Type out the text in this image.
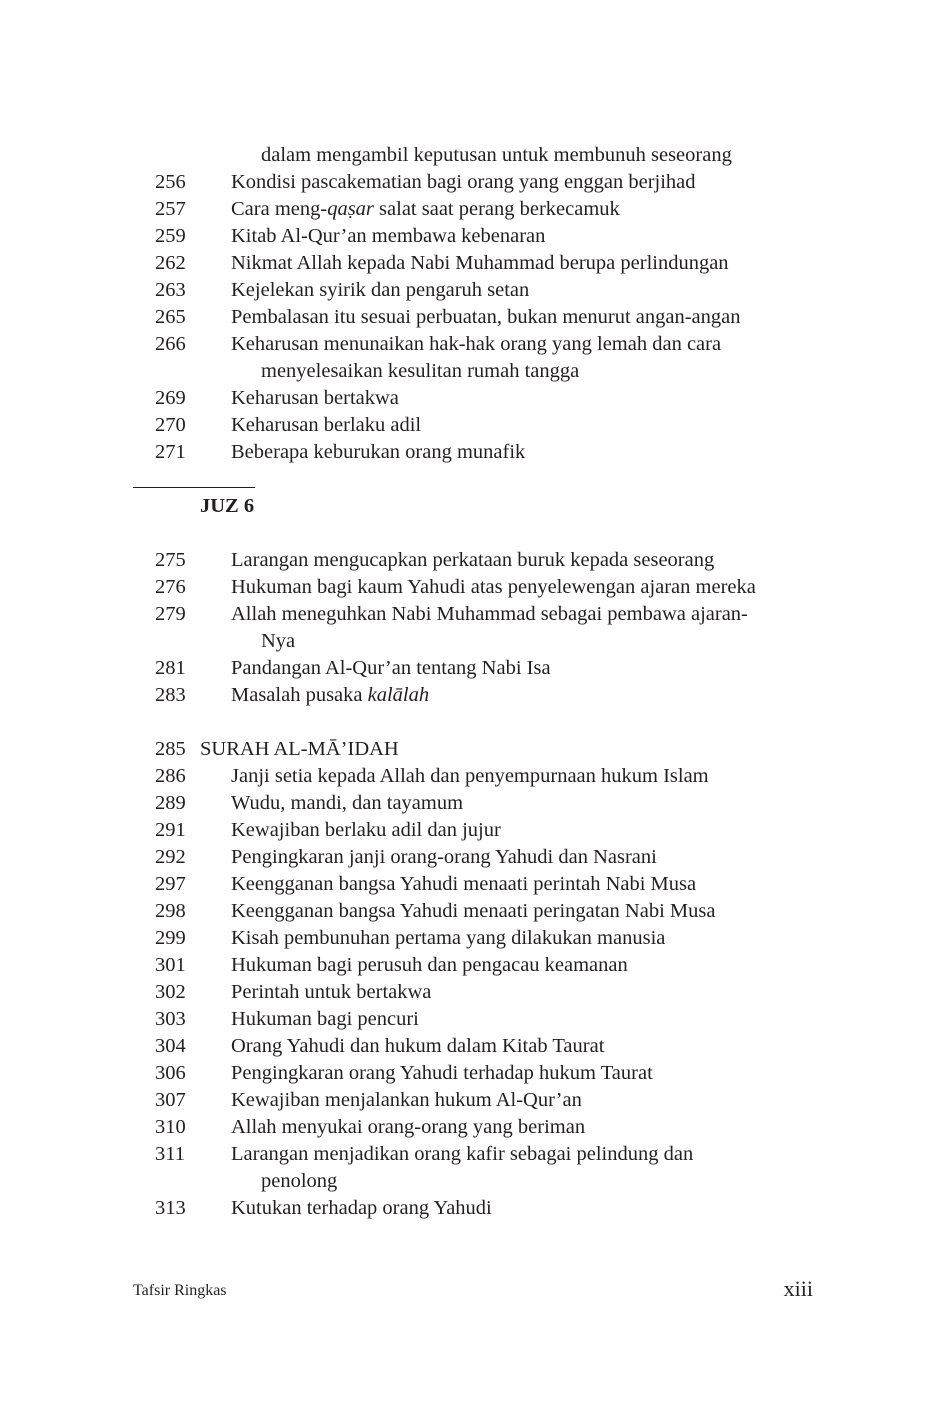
dalam mengambil keputusan untuk membunuh seseorang
256	Kondisi pascakematian bagi orang yang enggan berjihad
257	Cara meng-qaṣar salat saat perang berkecamuk
259	Kitab Al-Qur’an membawa kebenaran
262	Nikmat Allah kepada Nabi Muhammad berupa perlindungan
263	Kejelekan syirik dan pengaruh setan
265	Pembalasan itu sesuai perbuatan, bukan menurut angan-angan
266	Keharusan menunaikan hak-hak orang yang lemah dan cara
menyelesaikan kesulitan rumah tangga
269	Keharusan bertakwa
270	Keharusan berlaku adil
271	Beberapa keburukan orang munafik
JUZ 6
275	Larangan mengucapkan perkataan buruk kepada seseorang
276	Hukuman bagi kaum Yahudi atas penyelewengan ajaran mereka
279	Allah meneguhkan Nabi Muhammad sebagai pembawa ajaran-
Nya
281	Pandangan Al-Qur’an tentang Nabi Isa
283	Masalah pusaka kalālah
285 SURAH AL-MĀ’IDAH
286	Janji setia kepada Allah dan penyempurnaan hukum Islam
289	Wudu, mandi, dan tayamum
291	Kewajiban berlaku adil dan jujur
292	Pengingkaran janji orang-orang Yahudi dan Nasrani
297	Keengganan bangsa Yahudi menaati perintah Nabi Musa
298	Keengganan bangsa Yahudi menaati peringatan Nabi Musa
299	Kisah pembunuhan pertama yang dilakukan manusia
301	Hukuman bagi perusuh dan pengacau keamanan
302	Perintah untuk bertakwa
303	Hukuman bagi pencuri
304	Orang Yahudi dan hukum dalam Kitab Taurat
306	Pengingkaran orang Yahudi terhadap hukum Taurat
307	Kewajiban menjalankan hukum Al-Qur’an
310	Allah menyukai orang-orang yang beriman
311	Larangan menjadikan orang kafir sebagai pelindung dan
penolong
313	Kutukan terhadap orang Yahudi
Tafsir Ringkas	xiii
